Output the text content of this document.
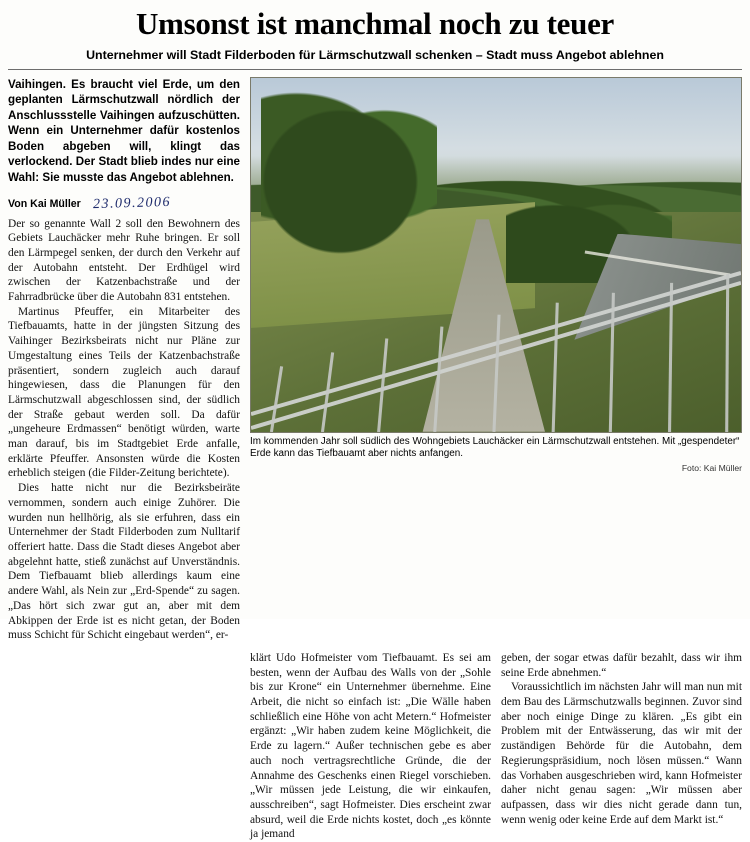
Umsonst ist manchmal noch zu teuer
Unternehmer will Stadt Filderboden für Lärmschutzwall schenken – Stadt muss Angebot ablehnen

Vaihingen. Es braucht viel Erde, um den geplanten Lärmschutzwall nördlich der Anschlussstelle Vaihingen aufzuschütten. Wenn ein Unternehmer dafür kostenlos Boden abgeben will, klingt das verlockend. Der Stadt blieb indes nur eine Wahl: Sie musste das Angebot ablehnen.

Von Kai Müller 23.09.2006

Der so genannte Wall 2 soll den Bewohnern des Gebiets Lauchäcker mehr Ruhe bringen. Er soll den Lärmpegel senken, der durch den Verkehr auf der Autobahn entsteht. Der Erdhügel wird zwischen der Katzenbachstraße und der Fahrradbrücke über die Autobahn 831 entstehen.

Martinus Pfeuffer, ein Mitarbeiter des Tiefbauamts, hatte in der jüngsten Sitzung des Vaihinger Bezirksbeirats nicht nur Pläne zur Umgestaltung eines Teils der Katzenbachstraße präsentiert, sondern zugleich auch darauf hingewiesen, dass die Planungen für den Lärmschutzwall abgeschlossen sind, der südlich der Straße gebaut werden soll. Da dafür „ungeheure Erdmassen“ benötigt würden, warte man darauf, bis im Stadtgebiet Erde anfalle, erklärte Pfeuffer. Ansonsten würde die Kosten erheblich steigen (die Filder-Zeitung berichtete).

Dies hatte nicht nur die Bezirksbeiräte vernommen, sondern auch einige Zuhörer. Die wurden nun hellhörig, als sie erfuhren, dass ein Unternehmer der Stadt Filderboden zum Nulltarif offeriert hatte. Dass die Stadt dieses Angebot aber abgelehnt hatte, stieß zunächst auf Unverständnis. Dem Tiefbauamt blieb allerdings kaum eine andere Wahl, als Nein zur „Erd-Spende“ zu sagen. „Das hört sich zwar gut an, aber mit dem Abkippen der Erde ist es nicht getan, der Boden muss Schicht für Schicht eingebaut werden“, er-

Im kommenden Jahr soll südlich des Wohngebiets Lauchäcker ein Lärmschutzwall entstehen. Mit „gespendeter“ Erde kann das Tiefbauamt aber nichts anfangen.
Foto: Kai Müller

klärt Udo Hofmeister vom Tiefbauamt. Es sei am besten, wenn der Aufbau des Walls von der „Sohle bis zur Krone“ ein Unternehmer übernehme. Eine Arbeit, die nicht so einfach ist: „Die Wälle haben schließlich eine Höhe von acht Metern.“ Hofmeister ergänzt: „Wir haben zudem keine Möglichkeit, die Erde zu lagern.“ Außer technischen gebe es aber auch noch vertragsrechtliche Gründe, die der Annahme des Geschenks einen Riegel vorschieben. „Wir müssen jede Leistung, die wir einkaufen, ausschreiben“, sagt Hofmeister. Dies erscheint zwar absurd, weil die Erde nichts kostet, doch „es könnte ja jemand

geben, der sogar etwas dafür bezahlt, dass wir ihm seine Erde abnehmen.“

Voraussichtlich im nächsten Jahr will man nun mit dem Bau des Lärmschutzwalls beginnen. Zuvor sind aber noch einige Dinge zu klären. „Es gibt ein Problem mit der Entwässerung, das wir mit der zuständigen Behörde für die Autobahn, dem Regierungspräsidium, noch lösen müssen.“ Wann das Vorhaben ausgeschrieben wird, kann Hofmeister daher nicht genau sagen: „Wir müssen aber aufpassen, dass wir dies nicht gerade dann tun, wenn wenig oder keine Erde auf dem Markt ist.“
